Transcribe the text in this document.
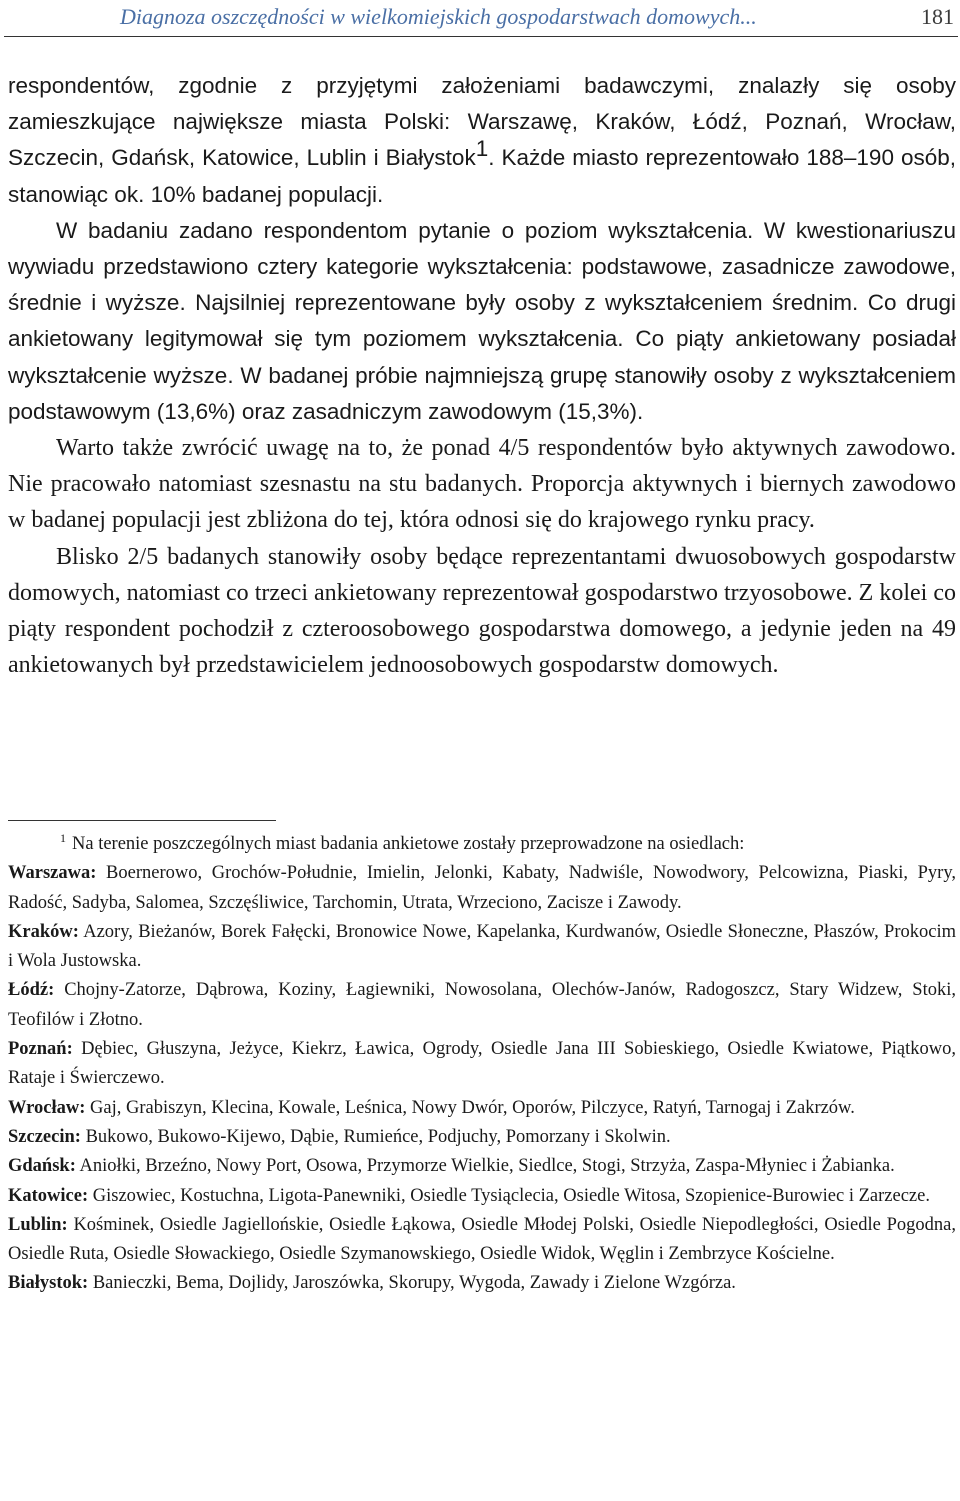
Diagnoza oszczędności w wielkomiejskich gospodarstwach domowych...	181

respondentów, zgodnie z przyjętymi założeniami badawczymi, znalazły się osoby zamieszkujące największe miasta Polski: Warszawę, Kraków, Łódź, Poznań, Wrocław, Szczecin, Gdańsk, Katowice, Lublin i Białystok1. Każde miasto reprezentowało 188–190 osób, stanowiąc ok. 10% badanej populacji.

W badaniu zadano respondentom pytanie o poziom wykształcenia. W kwestionariuszu wywiadu przedstawiono cztery kategorie wykształcenia: podstawowe, zasadnicze zawodowe, średnie i wyższe. Najsilniej reprezentowane były osoby z wykształceniem średnim. Co drugi ankietowany legitymował się tym poziomem wykształcenia. Co piąty ankietowany posiadał wykształcenie wyższe. W badanej próbie najmniejszą grupę stanowiły osoby z wykształceniem podstawowym (13,6%) oraz zasadniczym zawodowym (15,3%).

Warto także zwrócić uwagę na to, że ponad 4/5 respondentów było aktywnych zawodowo. Nie pracowało natomiast szesnastu na stu badanych. Proporcja aktywnych i biernych zawodowo w badanej populacji jest zbliżona do tej, która odnosi się do krajowego rynku pracy.

Blisko 2/5 badanych stanowiły osoby będące reprezentantami dwuosobowych gospodarstw domowych, natomiast co trzeci ankietowany reprezentował gospodarstwo trzyosobowe. Z kolei co piąty respondent pochodził z czteroosobowego gospodarstwa domowego, a jedynie jeden na 49 ankietowanych był przedstawicielem jednoosobowych gospodarstw domowych.

$^1$ Na terenie poszczególnych miast badania ankietowe zostały przeprowadzone na osiedlach:

Warszawa: Boernerowo, Grochów-Południe, Imielin, Jelonki, Kabaty, Nadwiśle, Nowodwory, Pelcowizna, Piaski, Pyry, Radość, Sadyba, Salomea, Szczęśliwice, Tarchomin, Utrata, Wrzeciono, Zacisze i Zawody.

Kraków: Azory, Bieżanów, Borek Fałęcki, Bronowice Nowe, Kapelanka, Kurdwanów, Osiedle Słoneczne, Płaszów, Prokocim i Wola Justowska.

Łódź: Chojny-Zatorze, Dąbrowa, Koziny, Łagiewniki, Nowosolana, Olechów-Janów, Radogoszcz, Stary Widzew, Stoki, Teofilów i Złotno.

Poznań: Dębiec, Głuszyna, Jeżyce, Kiekrz, Ławica, Ogrody, Osiedle Jana III Sobieskiego, Osiedle Kwiatowe, Piątkowo, Rataje i Świerczewo.

Wrocław: Gaj, Grabiszyn, Klecina, Kowale, Leśnica, Nowy Dwór, Oporów, Pilczyce, Ratyń, Tarnogaj i Zakrzów.

Szczecin: Bukowo, Bukowo-Kijewo, Dąbie, Rumieńce, Podjuchy, Pomorzany i Skolwin.

Gdańsk: Aniołki, Brzeźno, Nowy Port, Osowa, Przymorze Wielkie, Siedlce, Stogi, Strzyża, Zaspa-Młyniec i Żabianka.

Katowice: Giszowiec, Kostuchna, Ligota-Panewniki, Osiedle Tysiąclecia, Osiedle Witosa, Szopienice-Burowiec i Zarzecze.

Lublin: Kośminek, Osiedle Jagiellońskie, Osiedle Łąkowa, Osiedle Młodej Polski, Osiedle Niepodległości, Osiedle Pogodna, Osiedle Ruta, Osiedle Słowackiego, Osiedle Szymanowskiego, Osiedle Widok, Węglin i Zembrzyce Kościelne.

Białystok: Banieczki, Bema, Dojlidy, Jaroszówka, Skorupy, Wygoda, Zawady i Zielone Wzgórza.
